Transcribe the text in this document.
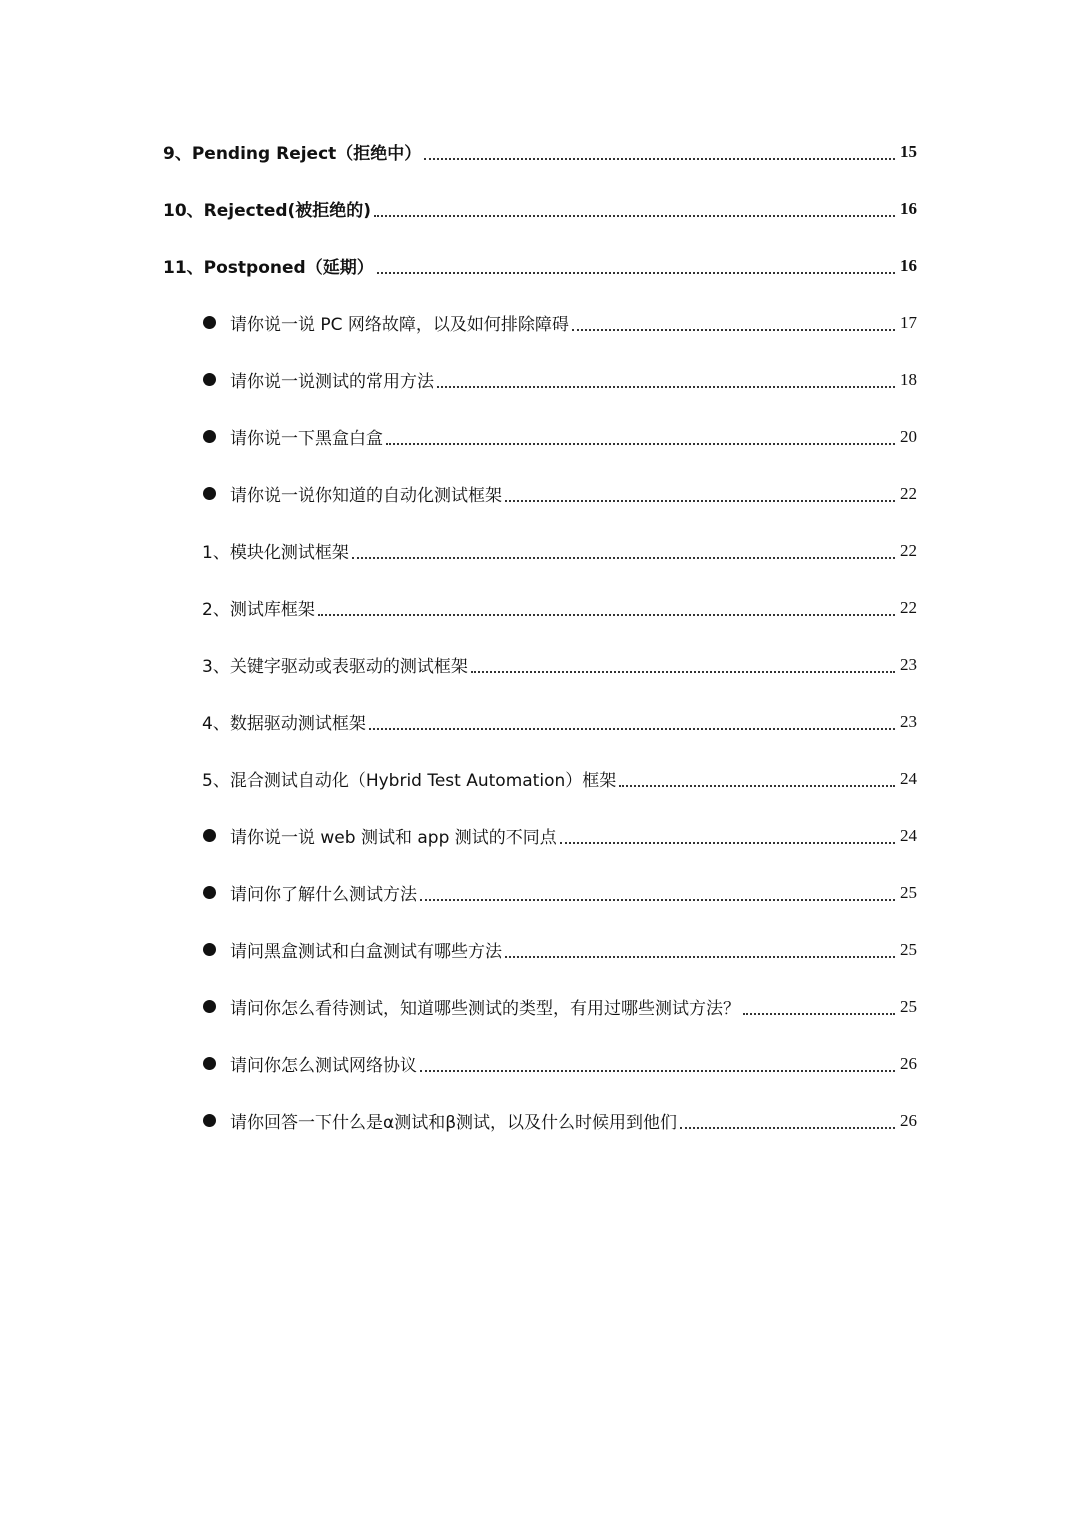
9、Pending Reject（拒绝中）	15
10、Rejected(被拒绝的)	16
11、Postponed（延期）	16
请你说一说 PC 网络故障，以及如何排除障碍	17
请你说一说测试的常用方法	18
请你说一下黑盒白盒	20
请你说一说你知道的自动化测试框架	22
1、模块化测试框架	22
2、测试库框架	22
3、关键字驱动或表驱动的测试框架	23
4、数据驱动测试框架	23
5、混合测试自动化（Hybrid Test Automation）框架	24
请你说一说 web 测试和 app 测试的不同点	24
请问你了解什么测试方法	25
请问黑盒测试和白盒测试有哪些方法	25
请问你怎么看待测试，知道哪些测试的类型，有用过哪些测试方法？	25
请问你怎么测试网络协议	26
请你回答一下什么是α测试和β测试，以及什么时候用到他们	26
